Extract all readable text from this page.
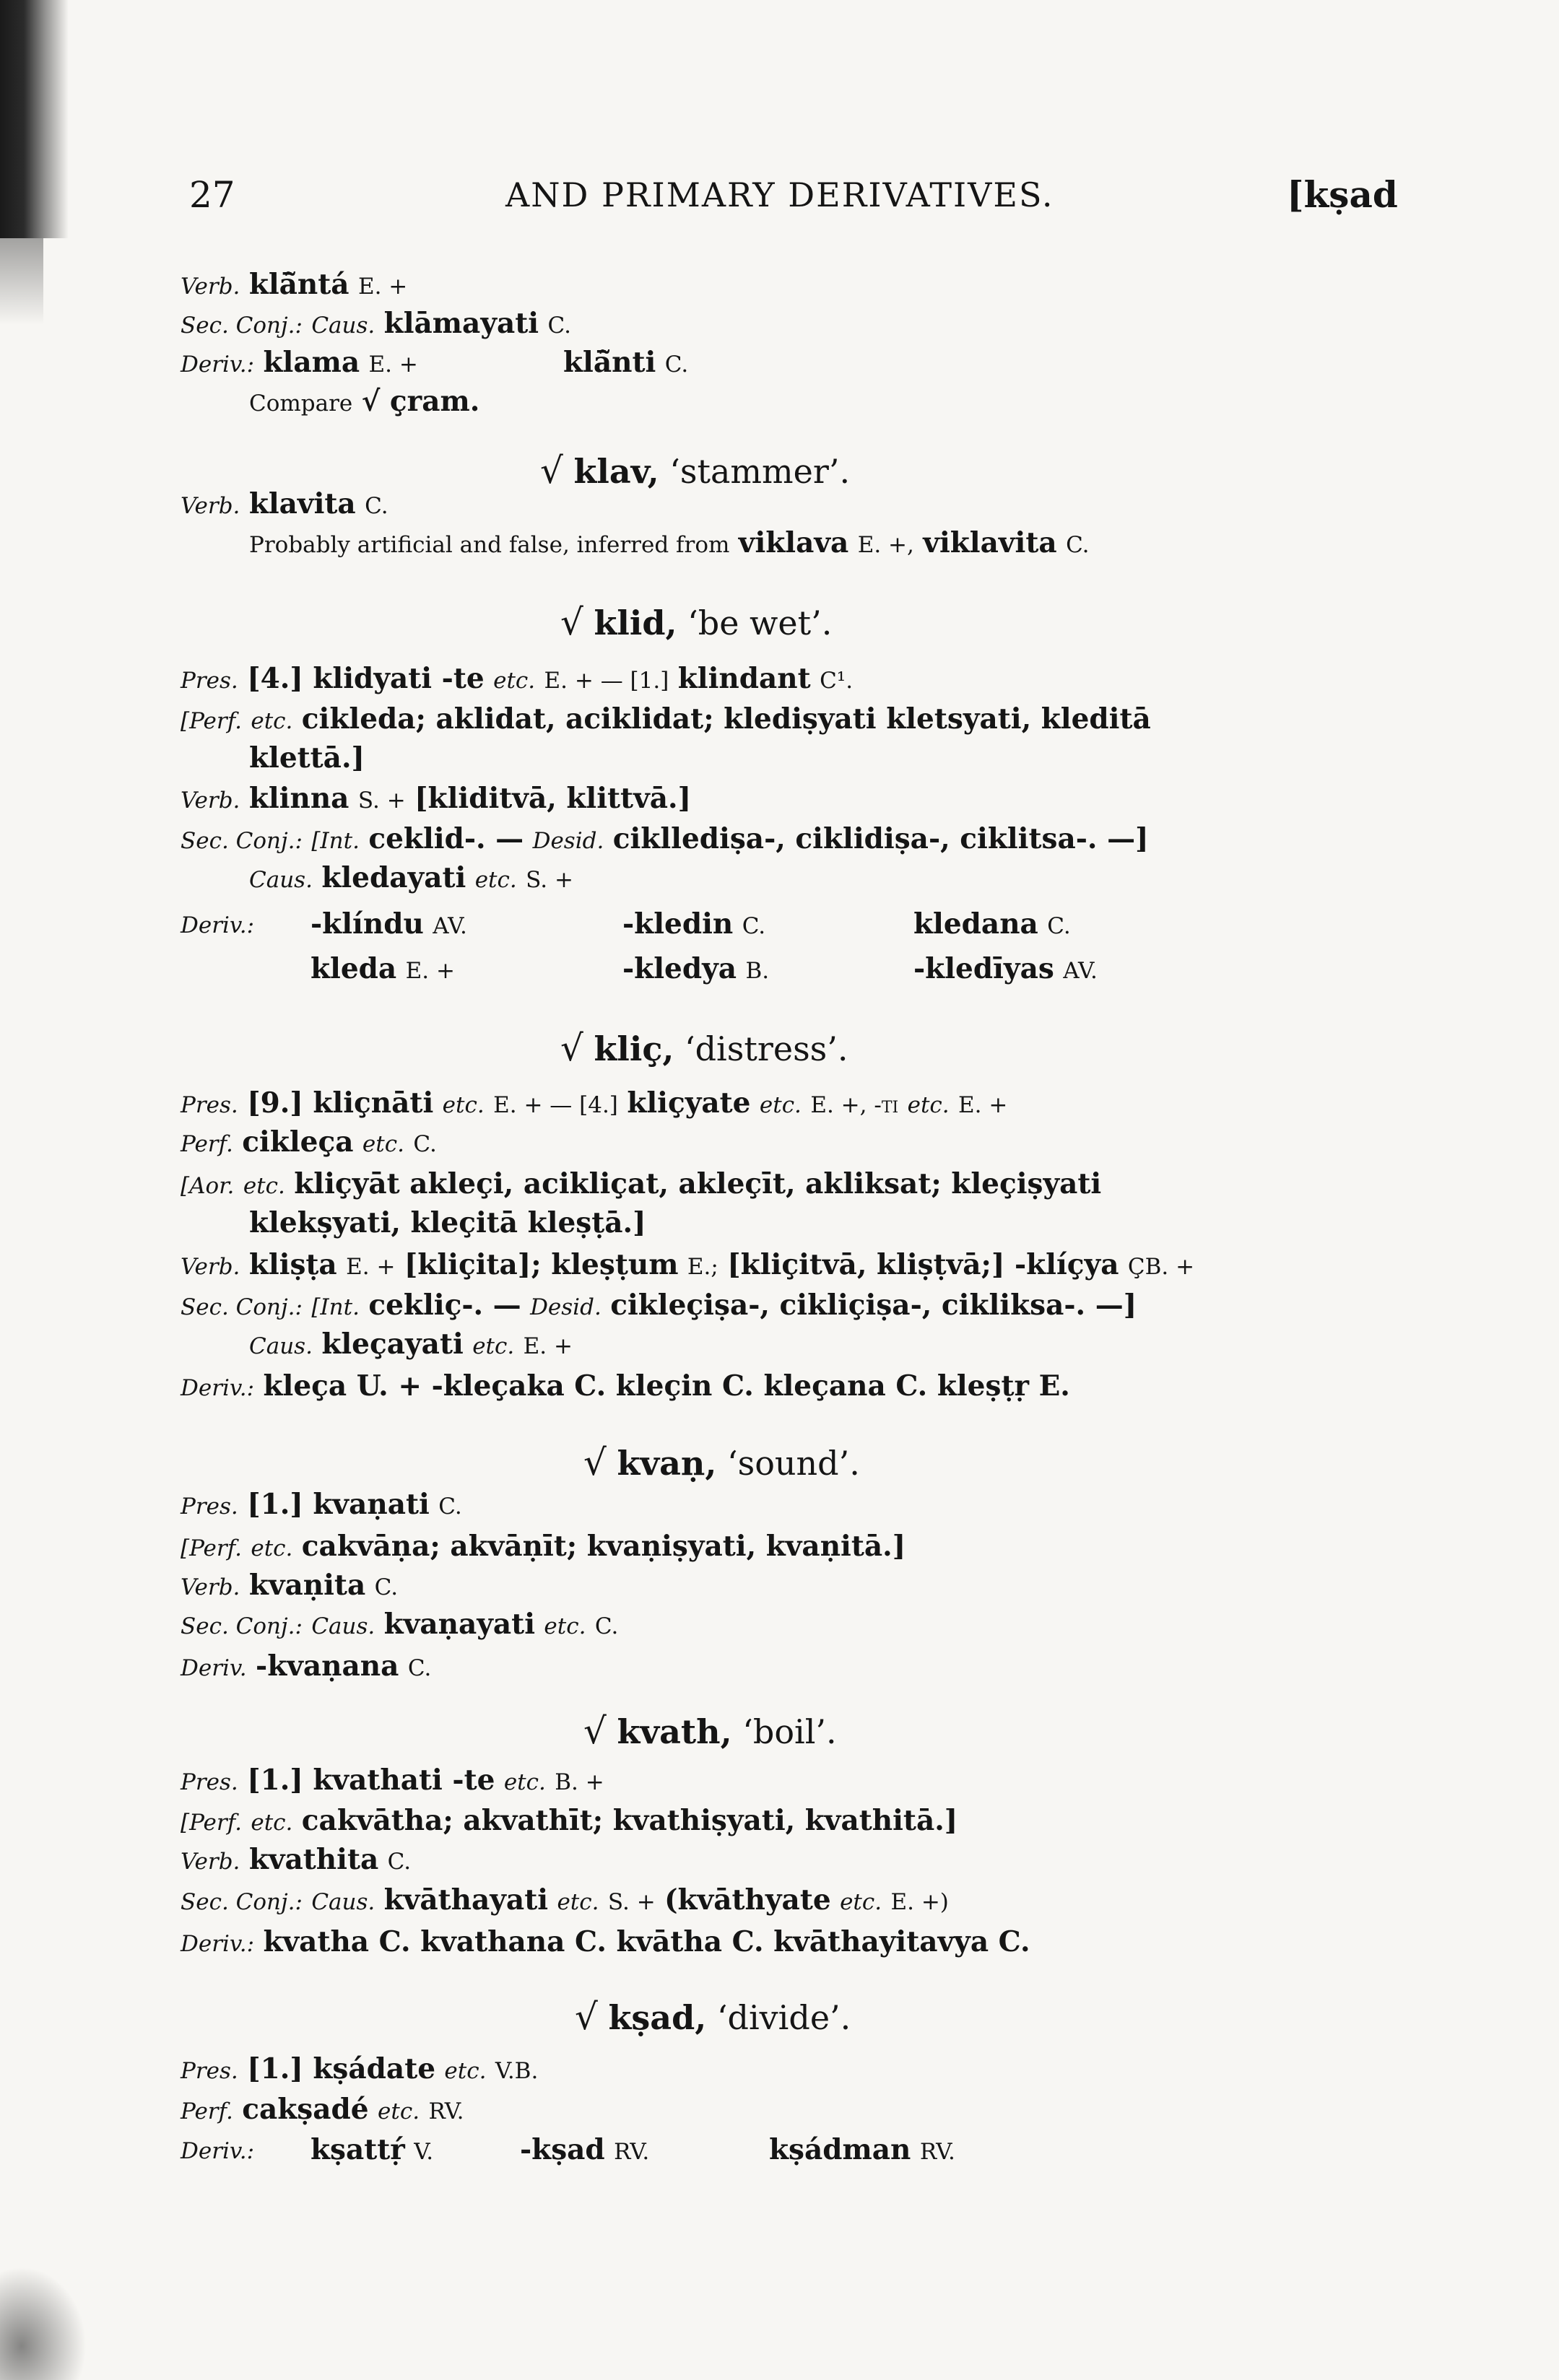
27	AND PRIMARY DERIVATIVES.	[kṣad
Verb. klā̃ntá E. +
Sec. Conj.: Caus. klāmayati C.
Deriv.: klama E. +	klā̃nti C.
Compare √ çram.
√ klav, ‘stammer’.
Verb. klavita C.
Probably artificial and false, inferred from viklava E. +, viklavita C.
√ klid, ‘be wet’.
Pres. [4.] klidyati -te etc. E. + — [1.] klindant C¹.
[Perf. etc. cikleda; aklidat, aciklidat; klediṣyati kletsyati, kleditā
klettā.]
Verb. klinna S. + [kliditvā, klittvā.]
Sec. Conj.: [Int. ceklid-. — Desid. cikllediṣa-, ciklidiṣa-, ciklitsa-. —]
Caus. kledayati etc. S. +
Deriv.: -klíndu AV.	-kledin C.	kledana C.
kleda E. +	-kledya B.	-kledīyas AV.
√ kliç, ‘distress’.
Pres. [9.] kliçnāti etc. E. + — [4.] kliçyate etc. E. +, -ti etc. E. +
Perf. cikleça etc. C.
[Aor. etc. kliçyāt akleçi, acikliçat, akleçīt, akliksat; kleçiṣyati
klekṣyati, kleçitā kleṣṭā.]
Verb. kliṣṭa E. + [kliçita]; kleṣṭum E.; [kliçitvā, kliṣṭvā;] -klíçya ÇB. +
Sec. Conj.: [Int. cekliç-. — Desid. cikleçiṣa-, cikliçiṣa-, cikliksa-. —]
Caus. kleçayati etc. E. +
Deriv.: kleça U. + -kleçaka C. kleçin C. kleçana C. kleṣṭṛ E.
√ kvaṇ, ‘sound’.
Pres. [1.] kvaṇati C.
[Perf. etc. cakvāṇa; akvāṇīt; kvaṇiṣyati, kvaṇitā.]
Verb. kvaṇita C.
Sec. Conj.: Caus. kvaṇayati etc. C.
Deriv. -kvaṇana C.
√ kvath, ‘boil’.
Pres. [1.] kvathati -te etc. B. +
[Perf. etc. cakvātha; akvathīt; kvathiṣyati, kvathitā.]
Verb. kvathita C.
Sec. Conj.: Caus. kvāthayati etc. S. + (kvāthyate etc. E. +)
Deriv.: kvatha C. kvathana C. kvātha C. kvāthayitavya C.
√ kṣad, ‘divide’.
Pres. [1.] kṣádate etc. V.B.
Perf. cakṣadé etc. RV.
Deriv.: kṣattṛ́ V.	-kṣad RV.	kṣádman RV.
